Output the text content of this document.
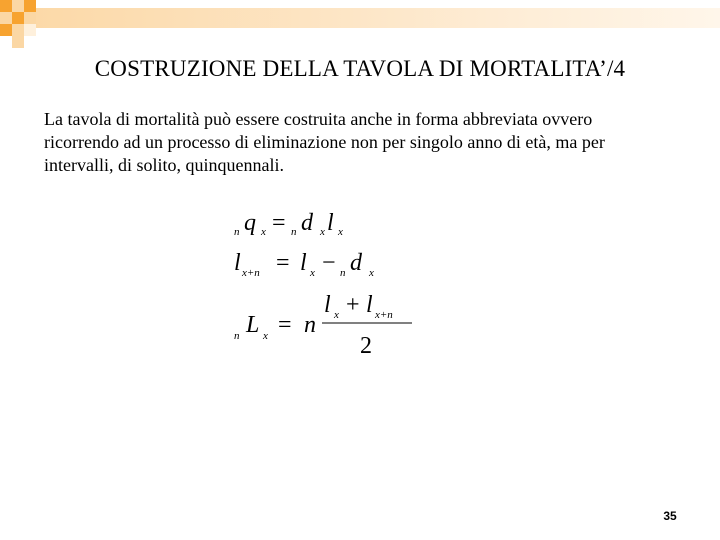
COSTRUZIONE DELLA TAVOLA DI MORTALITA’/4

La tavola di mortalità può essere costruita anche in forma abbreviata ovvero
ricorrendo ad un processo di eliminazione non per singolo anno di età, ma per
intervalli, di solito, quinquennali.

n q x = n d x l x
l x+n = l x − n d x
n L x = n
l x + l x+n
2
35
